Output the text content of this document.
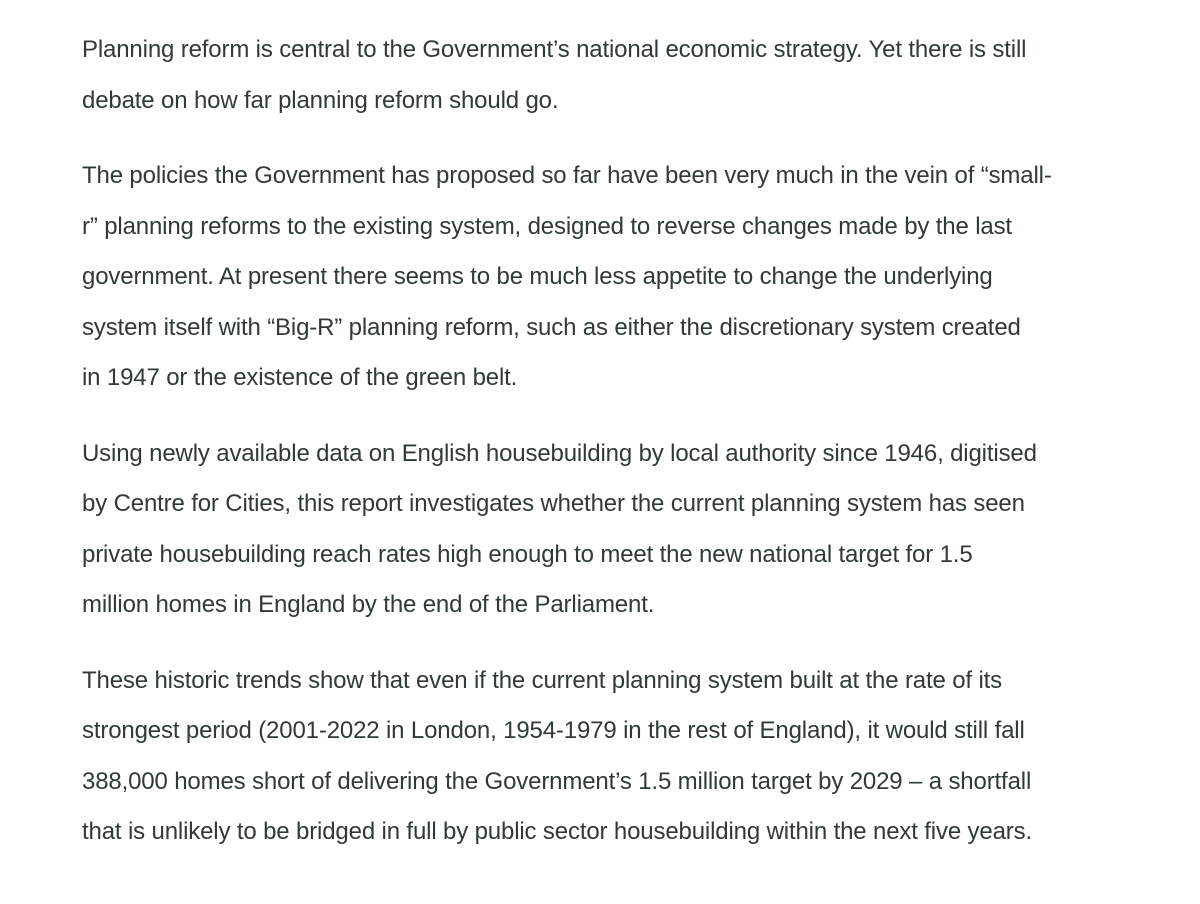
Planning reform is central to the Government’s national economic strategy. Yet there is still
debate on how far planning reform should go.

The policies the Government has proposed so far have been very much in the vein of “small-
r” planning reforms to the existing system, designed to reverse changes made by the last
government. At present there seems to be much less appetite to change the underlying
system itself with “Big-R” planning reform, such as either the discretionary system created
in 1947 or the existence of the green belt.

Using newly available data on English housebuilding by local authority since 1946, digitised
by Centre for Cities, this report investigates whether the current planning system has seen
private housebuilding reach rates high enough to meet the new national target for 1.5
million homes in England by the end of the Parliament.

These historic trends show that even if the current planning system built at the rate of its
strongest period (2001-2022 in London, 1954-1979 in the rest of England), it would still fall
388,000 homes short of delivering the Government’s 1.5 million target by 2029 – a shortfall
that is unlikely to be bridged in full by public sector housebuilding within the next five years.
